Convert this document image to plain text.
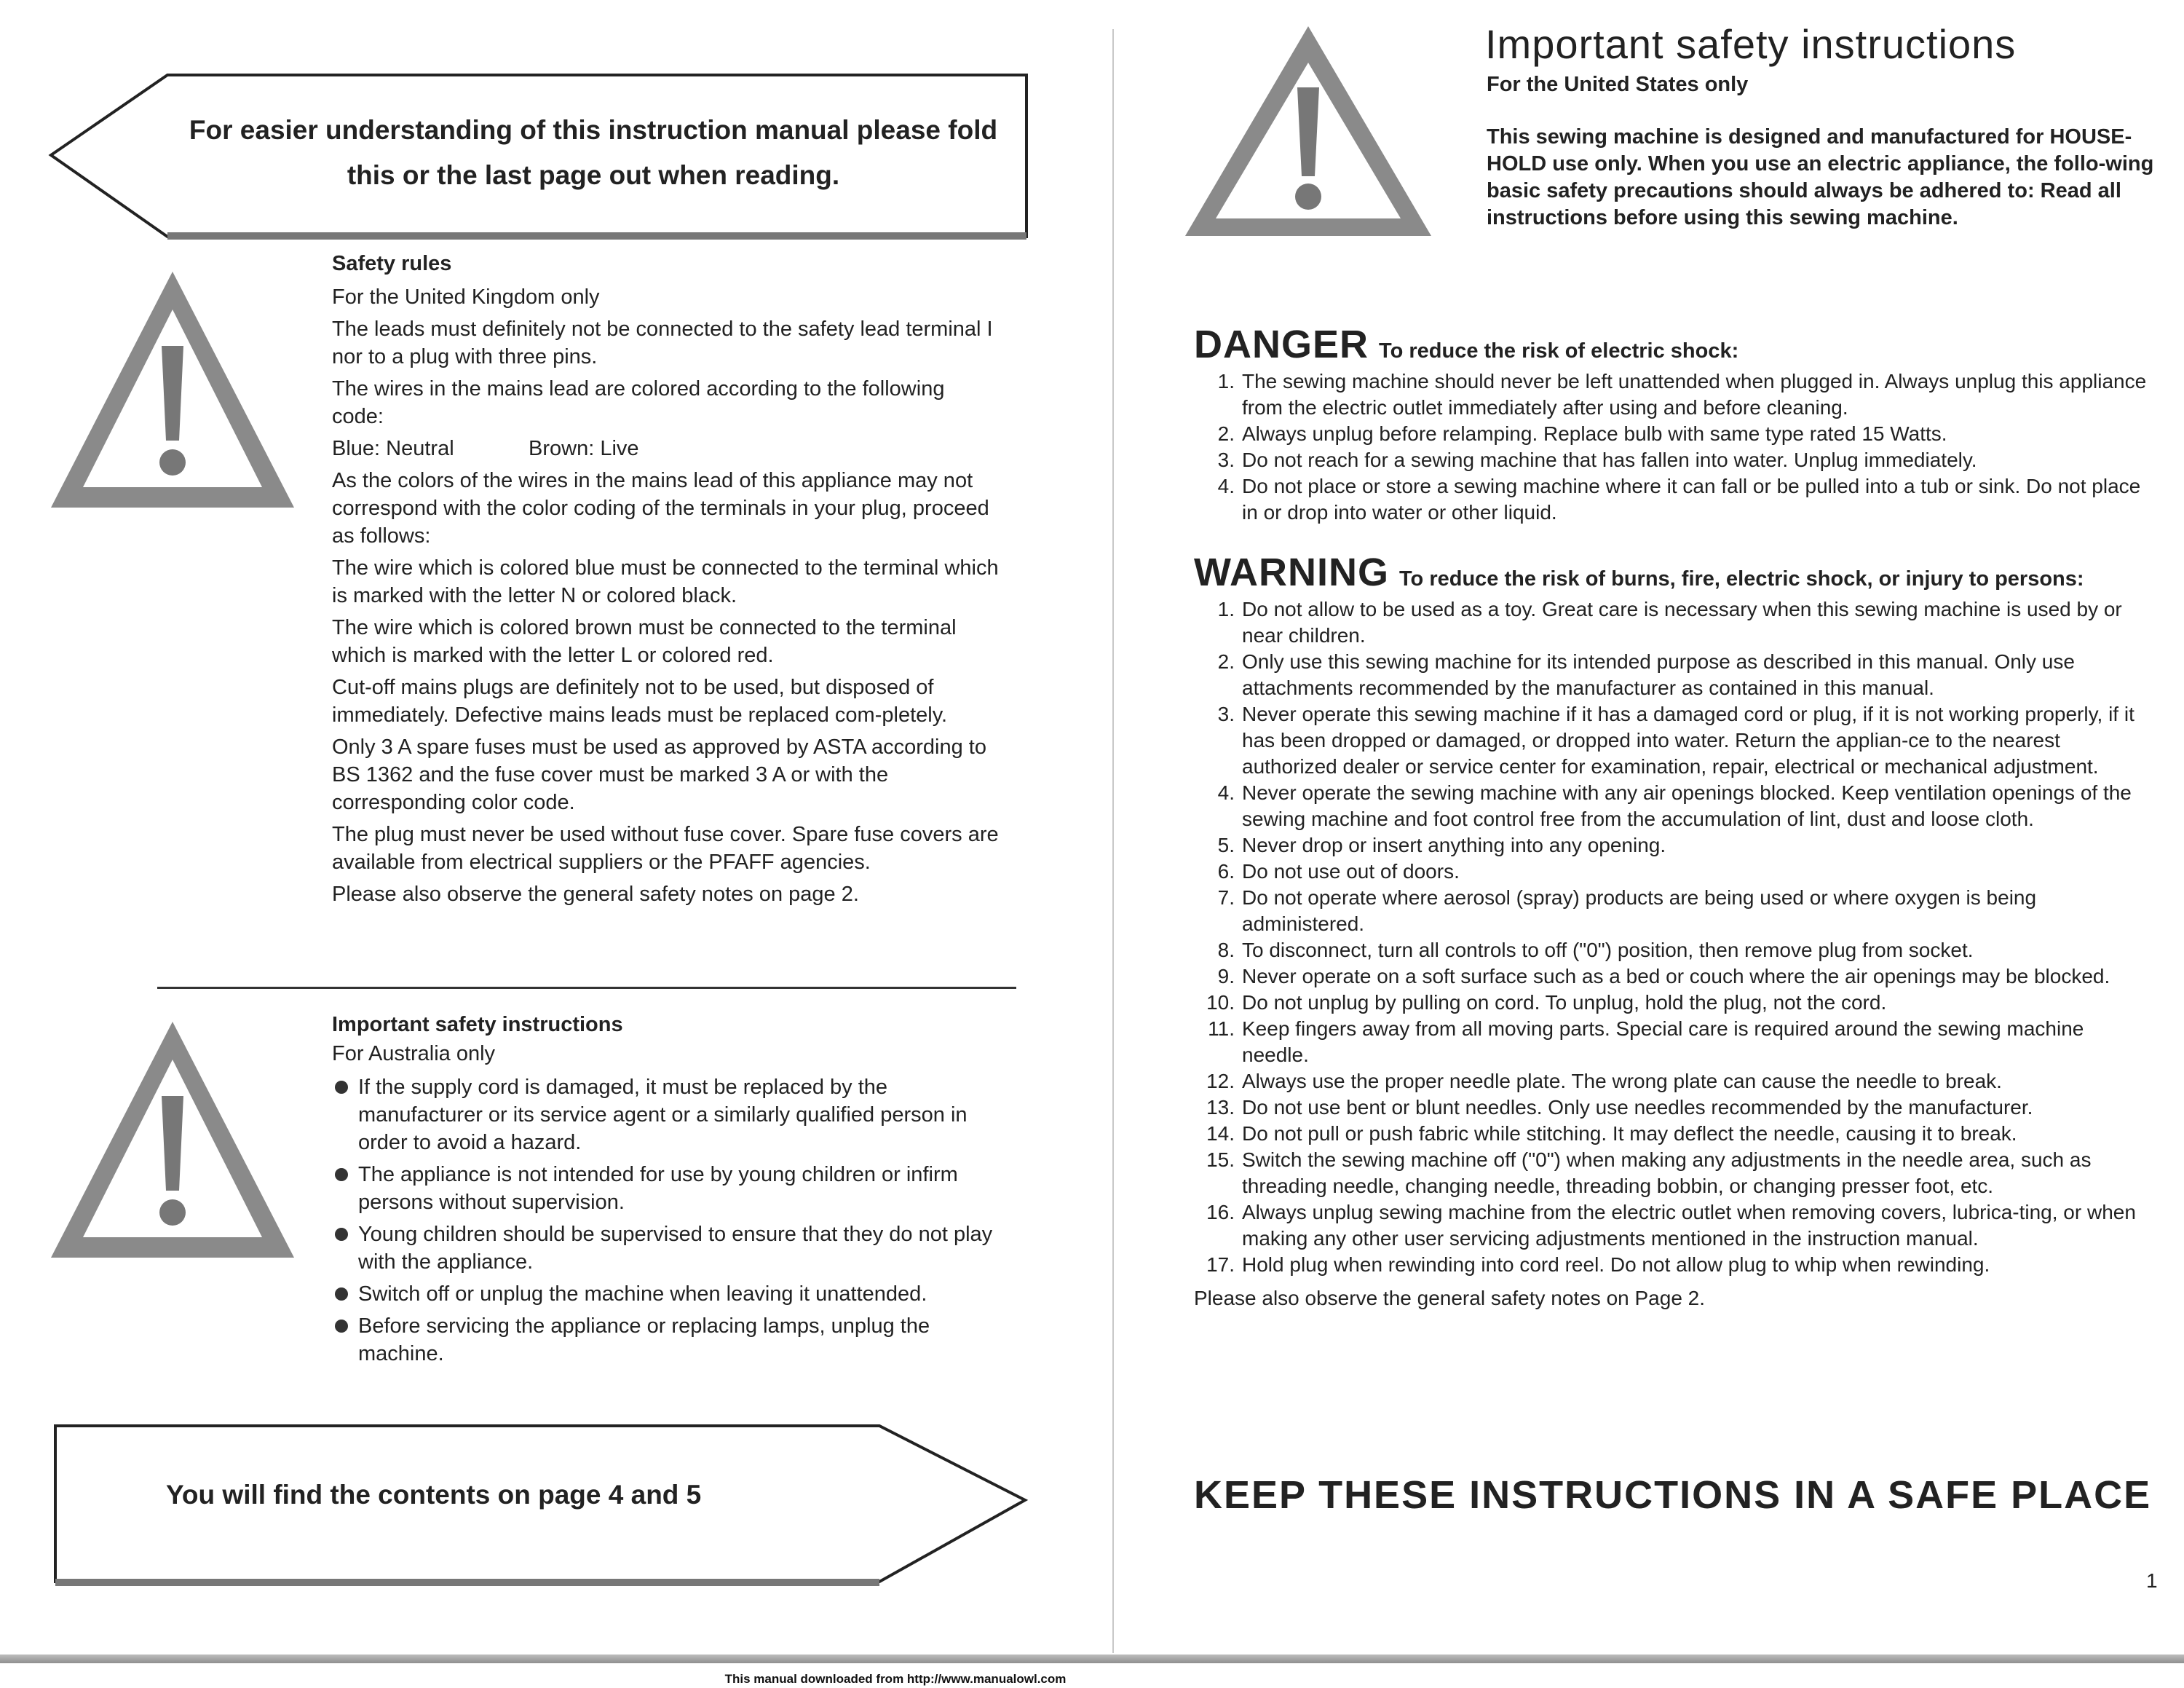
For easier understanding of this instruction manual please fold this or the last page out when reading.
Safety rules

For the United Kingdom only

The leads must definitely not be connected to the safety lead terminal I nor to a plug with three pins.

The wires in the mains lead are colored according to the following code:

Blue: Neutral	Brown: Live

As the colors of the wires in the mains lead of this appliance may not correspond with the color coding of the terminals in your plug, proceed as follows:

The wire which is colored blue must be connected to the terminal which is marked with the letter N or colored black.

The wire which is colored brown must be connected to the terminal which is marked with the letter L or colored red.

Cut-off mains plugs are definitely not to be used, but disposed of immediately. Defective mains leads must be replaced com-pletely.

Only 3 A spare fuses must be used as approved by ASTA according to BS 1362 and the fuse cover must be marked 3 A or with the corresponding color code.

The plug must never be used without fuse cover. Spare fuse covers are available from electrical suppliers or the PFAFF agencies.

Please also observe the general safety notes on page 2.

Important safety instructions

For Australia only

If the supply cord is damaged, it must be replaced by the manufacturer or its service agent or a similarly qualified person in order to avoid a hazard.
The appliance is not intended for use by young children or infirm persons without supervision.
Young children should be supervised to ensure that they do not play with the appliance.
Switch off or unplug the machine when leaving it unattended.
Before servicing the appliance or replacing lamps, unplug the machine.
You will find the contents on page 4 and 5
Important safety instructions
For the United States only
This sewing machine is designed and manufactured for HOUSE-HOLD use only. When you use an electric appliance, the follo-wing basic safety precautions should always be adhered to: Read all instructions before using this sewing machine.
DANGER To reduce the risk of electric shock:
1. The sewing machine should never be left unattended when plugged in. Always unplug this appliance from the electric outlet immediately after using and before cleaning.
2. Always unplug before relamping. Replace bulb with same type rated 15 Watts.
3. Do not reach for a sewing machine that has fallen into water. Unplug immediately.
4. Do not place or store a sewing machine where it can fall or be pulled into a tub or sink. Do not place in or drop into water or other liquid.
WARNING To reduce the risk of burns, fire, electric shock, or injury to persons:
1. Do not allow to be used as a toy. Great care is necessary when this sewing machine is used by or near children.
2. Only use this sewing machine for its intended purpose as described in this manual. Only use attachments recommended by the manufacturer as contained in this manual.
3. Never operate this sewing machine if it has a damaged cord or plug, if it is not working properly, if it has been dropped or damaged, or dropped into water. Return the applian-ce to the nearest authorized dealer or service center for examination, repair, electrical or mechanical adjustment.
4. Never operate the sewing machine with any air openings blocked. Keep ventilation openings of the sewing machine and foot control free from the accumulation of lint, dust and loose cloth.
5. Never drop or insert anything into any opening.
6. Do not use out of doors.
7. Do not operate where aerosol (spray) products are being used or where oxygen is being administered.
8. To disconnect, turn all controls to off ("0") position, then remove plug from socket.
9. Never operate on a soft surface such as a bed or couch where the air openings may be blocked.
10. Do not unplug by pulling on cord. To unplug, hold the plug, not the cord.
11. Keep fingers away from all moving parts. Special care is required around the sewing machine needle.
12. Always use the proper needle plate. The wrong plate can cause the needle to break.
13. Do not use bent or blunt needles. Only use needles recommended by the manufacturer.
14. Do not pull or push fabric while stitching. It may deflect the needle, causing it to break.
15. Switch the sewing machine off ("0") when making any adjustments in the needle area, such as threading needle, changing needle, threading bobbin, or changing presser foot, etc.
16. Always unplug sewing machine from the electric outlet when removing covers, lubrica-ting, or when making any other user servicing adjustments mentioned in the instruction manual.
17. Hold plug when rewinding into cord reel. Do not allow plug to whip when rewinding.
Please also observe the general safety notes on Page 2.
KEEP THESE INSTRUCTIONS IN A SAFE PLACE
1
This manual downloaded from http://www.manualowl.com
